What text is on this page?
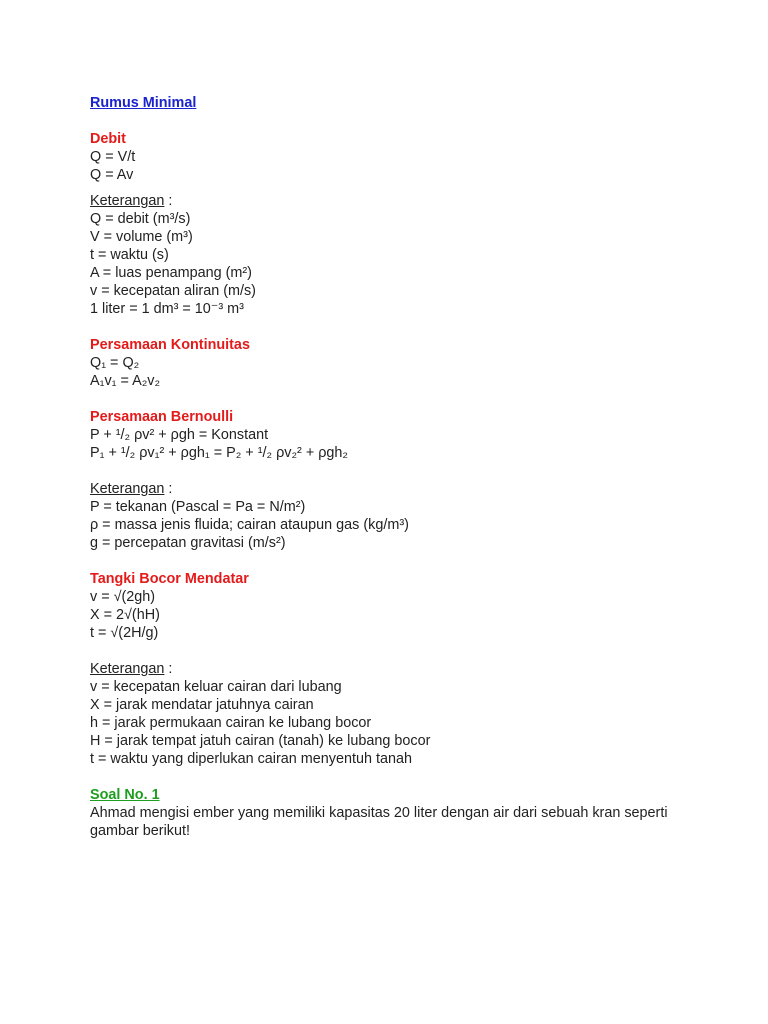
Rumus Minimal
Debit
Q = V/t
Q = Av
Keterangan :
Q = debit (m³/s)
V = volume (m³)
t = waktu (s)
A = luas penampang (m²)
v = kecepatan aliran (m/s)
1 liter = 1 dm³ = 10⁻³ m³
Persamaan Kontinuitas
Q₁ = Q₂
A₁v₁ = A₂v₂
Persamaan Bernoulli
P + ¹/₂ ρv² + ρgh = Konstant
P₁ + ¹/₂ ρv₁² + ρgh₁ = P₂ + ¹/₂ ρv₂² + ρgh₂
Keterangan :
P = tekanan (Pascal = Pa = N/m²)
ρ = massa jenis fluida; cairan ataupun gas (kg/m³)
g = percepatan gravitasi (m/s²)
Tangki Bocor Mendatar
v = √(2gh)
X = 2√(hH)
t = √(2H/g)
Keterangan :
v = kecepatan keluar cairan dari lubang
X = jarak mendatar jatuhnya cairan
h = jarak permukaan cairan ke lubang bocor
H = jarak tempat jatuh cairan (tanah) ke lubang bocor
t = waktu yang diperlukan cairan menyentuh tanah
Soal No. 1
Ahmad mengisi ember yang memiliki kapasitas 20 liter dengan air dari sebuah kran seperti gambar berikut!
